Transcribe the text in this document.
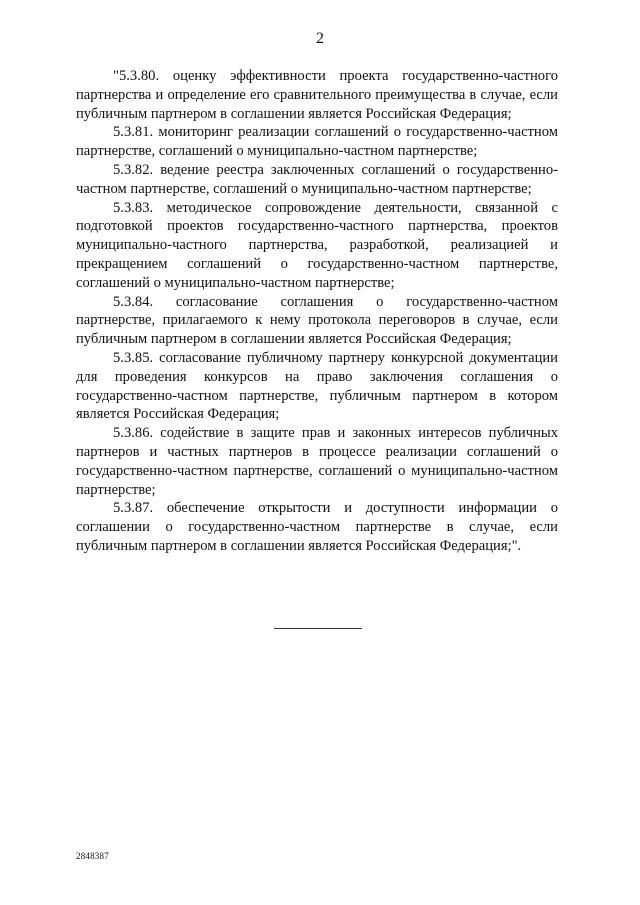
2

"5.3.80. оценку эффективности проекта государственно-частного партнерства и определение его сравнительного преимущества в случае, если публичным партнером в соглашении является Российская Федерация;

5.3.81. мониторинг реализации соглашений о государственно-частном партнерстве, соглашений о муниципально-частном партнерстве;

5.3.82. ведение реестра заключенных соглашений о государственно-частном партнерстве, соглашений о муниципально-частном партнерстве;

5.3.83. методическое сопровождение деятельности, связанной с подготовкой проектов государственно-частного партнерства, проектов муниципально-частного партнерства, разработкой, реализацией и прекращением соглашений о государственно-частном партнерстве, соглашений о муниципально-частном партнерстве;

5.3.84. согласование соглашения о государственно-частном партнерстве, прилагаемого к нему протокола переговоров в случае, если публичным партнером в соглашении является Российская Федерация;

5.3.85. согласование публичному партнеру конкурсной документации для проведения конкурсов на право заключения соглашения о государственно-частном партнерстве, публичным партнером в котором является Российская Федерация;

5.3.86. содействие в защите прав и законных интересов публичных партнеров и частных партнеров в процессе реализации соглашений о государственно-частном партнерстве, соглашений о муниципально-частном партнерстве;

5.3.87. обеспечение открытости и доступности информации о соглашении о государственно-частном партнерстве в случае, если публичным партнером в соглашении является Российская Федерация;".

2848387
